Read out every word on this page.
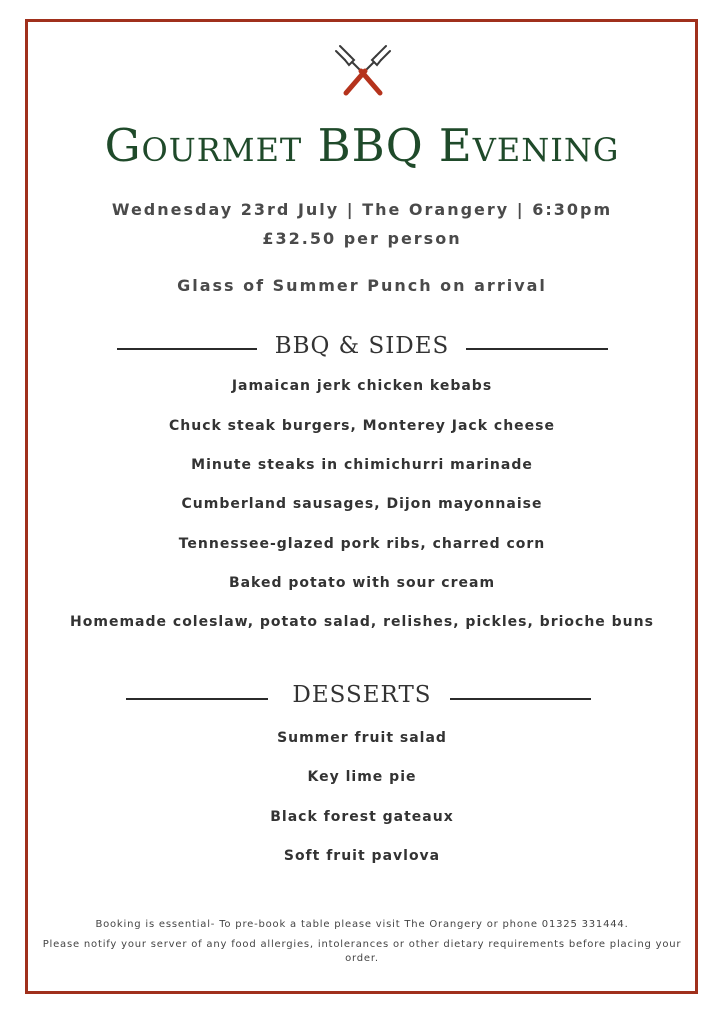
Gourmet BBQ Evening
Wednesday 23rd July | The Orangery | 6:30pm
£32.50 per person
Glass of Summer Punch on arrival
BBQ & SIDES
Jamaican jerk chicken kebabs
Chuck steak burgers, Monterey Jack cheese
Minute steaks in chimichurri marinade
Cumberland sausages, Dijon mayonnaise
Tennessee-glazed pork ribs, charred corn
Baked potato with sour cream
Homemade coleslaw, potato salad, relishes, pickles, brioche buns
DESSERTS
Summer fruit salad
Key lime pie
Black forest gateaux
Soft fruit pavlova
Booking is essential- To pre-book a table please visit The Orangery or phone 01325 331444.
Please notify your server of any food allergies, intolerances or other dietary requirements before placing your order.
